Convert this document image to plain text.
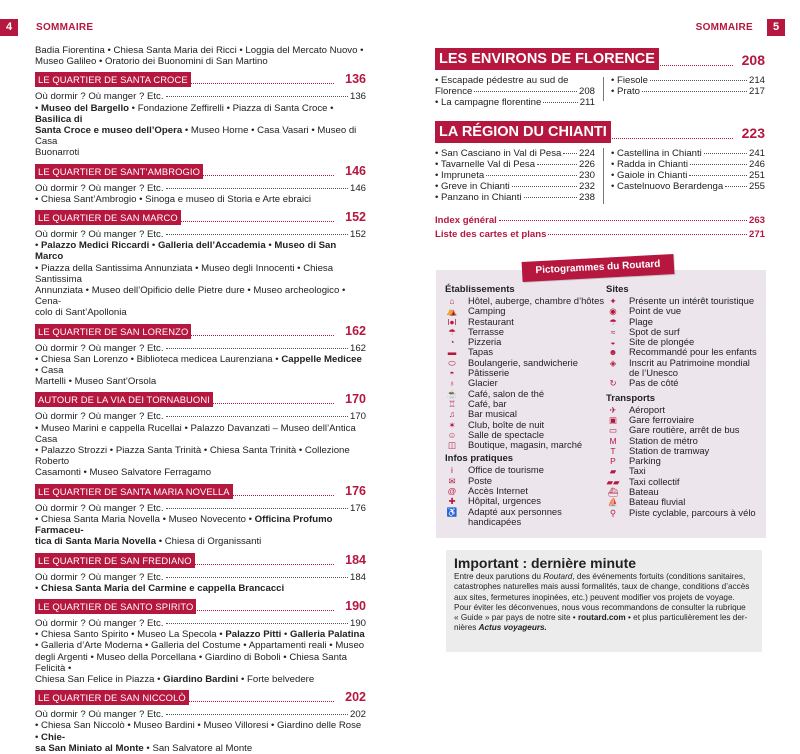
4	SOMMAIRE
Badia Fiorentina • Chiesa Santa Maria dei Ricci • Loggia del Mercato Nuovo •
Museo Galileo • Oratorio dei Buonomini di San Martino
LE QUARTIER DE SANTA CROCE	136
Où dormir ? Où manger ? Etc.	136
• Museo del Bargello • Fondazione Zeffirelli • Piazza di Santa Croce • Basilica di
Santa Croce e museo dell’Opera • Museo Horne • Casa Vasari • Museo di Casa
Buonarroti
LE QUARTIER DE SANT’AMBROGIO	146
Où dormir ? Où manger ? Etc.	146
• Chiesa Sant’Ambrogio • Sinoga e museo di Storia e Arte ebraici
LE QUARTIER DE SAN MARCO	152
Où dormir ? Où manger ? Etc.	152
• Palazzo Medici Riccardi • Galleria dell’Accademia • Museo di San Marco
• Piazza della Santissima Annunziata • Museo degli Innocenti • Chiesa Santissima
Annunziata • Museo dell’Opificio delle Pietre dure • Museo archeologico • Cena-
colo di Sant’Apollonia
LE QUARTIER DE SAN LORENZO	162
Où dormir ? Où manger ? Etc.	162
• Chiesa San Lorenzo • Biblioteca medicea Laurenziana • Cappelle Medicee • Casa
Martelli • Museo Sant’Orsola
AUTOUR DE LA VIA DEI TORNABUONI	170
Où dormir ? Où manger ? Etc.	170
• Museo Marini e cappella Rucellai • Palazzo Davanzati – Museo dell’Antica Casa
• Palazzo Strozzi • Piazza Santa Trinità • Chiesa Santa Trinità • Collezione Roberto
Casamonti • Museo Salvatore Ferragamo
LE QUARTIER DE SANTA MARIA NOVELLA	176
Où dormir ? Où manger ? Etc.	176
• Chiesa Santa Maria Novella • Museo Novecento • Officina Profumo Farmaceu-
tica di Santa Maria Novella • Chiesa di Organissanti
LE QUARTIER DE SAN FREDIANO	184
Où dormir ? Où manger ? Etc.	184
• Chiesa Santa Maria del Carmine e cappella Brancacci
LE QUARTIER DE SANTO SPIRITO	190
Où dormir ? Où manger ? Etc.	190
• Chiesa Santo Spirito • Museo La Specola • Palazzo Pitti • Galleria Palatina
• Galleria d’Arte Moderna • Galleria del Costume • Appartamenti reali • Museo
degli Argenti • Museo della Porcellana • Giardino di Boboli • Chiesa Santa Felicità •
Chiesa San Felice in Piazza • Giardino Bardini • Forte belvedere
LE QUARTIER DE SAN NICCOLÒ	202
Où dormir ? Où manger ? Etc.	202
• Chiesa San Niccolò • Museo Bardini • Museo Villoresi • Giardino delle Rose • Chie-
sa San Miniato al Monte • San Salvatore al Monte
SOMMAIRE	5
LES ENVIRONS DE FLORENCE	208
• Escapade pédestre au sud de
Florence	208
• La campagne florentine	211
• Fiesole	214
• Prato	217
LA RÉGION DU CHIANTI	223
• San Casciano in Val di Pesa 224
• Tavarnelle Val di Pesa	226
• Impruneta	230
• Greve in Chianti	232
• Panzano in Chianti	238
• Castellina in Chianti	241
• Radda in Chianti	246
• Gaiole in Chianti	251
• Castelnuovo Berardenga	255
Index général	263
Liste des cartes et plans	271
Établissements
⌂	Hôtel, auberge, chambre d’hôtes
⛺ Camping
ǀ●ǀ Restaurant
☂	Terrasse
◔	Pizzeria
▬ Tapas
⬭	Boulangerie, sandwicherie
◓	Pâtisserie
♁	Glacier
☕ Café, salon de thé
♖	Café, bar
♫	Bar musical
✶	Club, boîte de nuit
☺ Salle de spectacle
◫	Boutique, magasin, marché
Infos pratiques
i	Office de tourisme
✉	Poste
@ Accès Internet
✚	Hôpital, urgences
♿ Adapté aux personnes
handicapées
Sites
✦	Présente un intérêt touristique
◉	Point de vue
☂	Plage
≈	Spot de surf
◒	Site de plongée
☻ Recommandé pour les enfants
◈	Inscrit au Patrimoine mondial
de l’Unesco
↻	Pas de côté
Transports
✈	Aéroport
▣	Gare ferroviaire
▭	Gare routière, arrêt de bus
M	Station de métro
T	Station de tramway
P	Parking
▰	Taxi
▰▰ Taxi collectif
⛴ Bateau
⛵ Bateau fluvial
⚲	Piste cyclable, parcours à vélo
Pictogrammes du Routard
Important : dernière minute

Entre deux parutions du Routard, des événements fortuits (conditions sanitaires,
catastrophes naturelles mais aussi formalités, taux de change, conditions d’accès
aux sites, fermetures inopinées, etc.) peuvent modifier vos projets de voyage.
Pour éviter les déconvenues, nous vous recommandons de consulter la rubrique
« Guide » par pays de notre site • routard.com • et plus particulièrement les der-
nières Actus voyageurs.
